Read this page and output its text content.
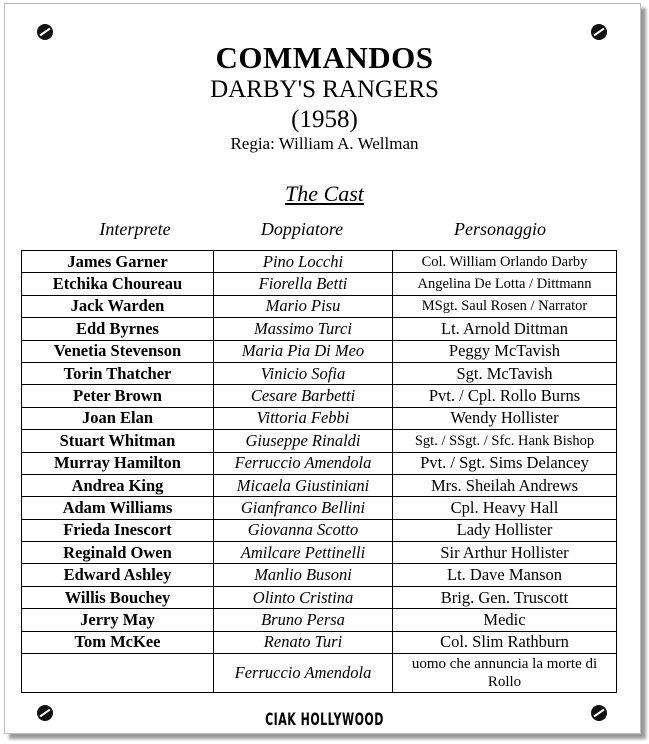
COMMANDOS
DARBY'S RANGERS
(1958)
Regia: William A. Wellman
The Cast
Interprete	Doppiatore	Personaggio
James Garner	Pino Locchi	Col. William Orlando Darby
Etchika Choureau	Fiorella Betti	Angelina De Lotta / Dittmann
Jack Warden	Mario Pisu	MSgt. Saul Rosen / Narrator
Edd Byrnes	Massimo Turci	Lt. Arnold Dittman
Venetia Stevenson	Maria Pia Di Meo	Peggy McTavish
Torin Thatcher	Vinicio Sofia	Sgt. McTavish
Peter Brown	Cesare Barbetti	Pvt. / Cpl. Rollo Burns
Joan Elan	Vittoria Febbi	Wendy Hollister
Stuart Whitman	Giuseppe Rinaldi	Sgt. / SSgt. / Sfc. Hank Bishop
Murray Hamilton	Ferruccio Amendola	Pvt. / Sgt. Sims Delancey
Andrea King	Micaela Giustiniani	Mrs. Sheilah Andrews
Adam Williams	Gianfranco Bellini	Cpl. Heavy Hall
Frieda Inescort	Giovanna Scotto	Lady Hollister
Reginald Owen	Amilcare Pettinelli	Sir Arthur Hollister
Edward Ashley	Manlio Busoni	Lt. Dave Manson
Willis Bouchey	Olinto Cristina	Brig. Gen. Truscott
Jerry May	Bruno Persa	Medic
Tom McKee	Renato Turi	Col. Slim Rathburn
	Ferruccio Amendola	uomo che annuncia la morte di Rollo
CIAK HOLLYWOOD
